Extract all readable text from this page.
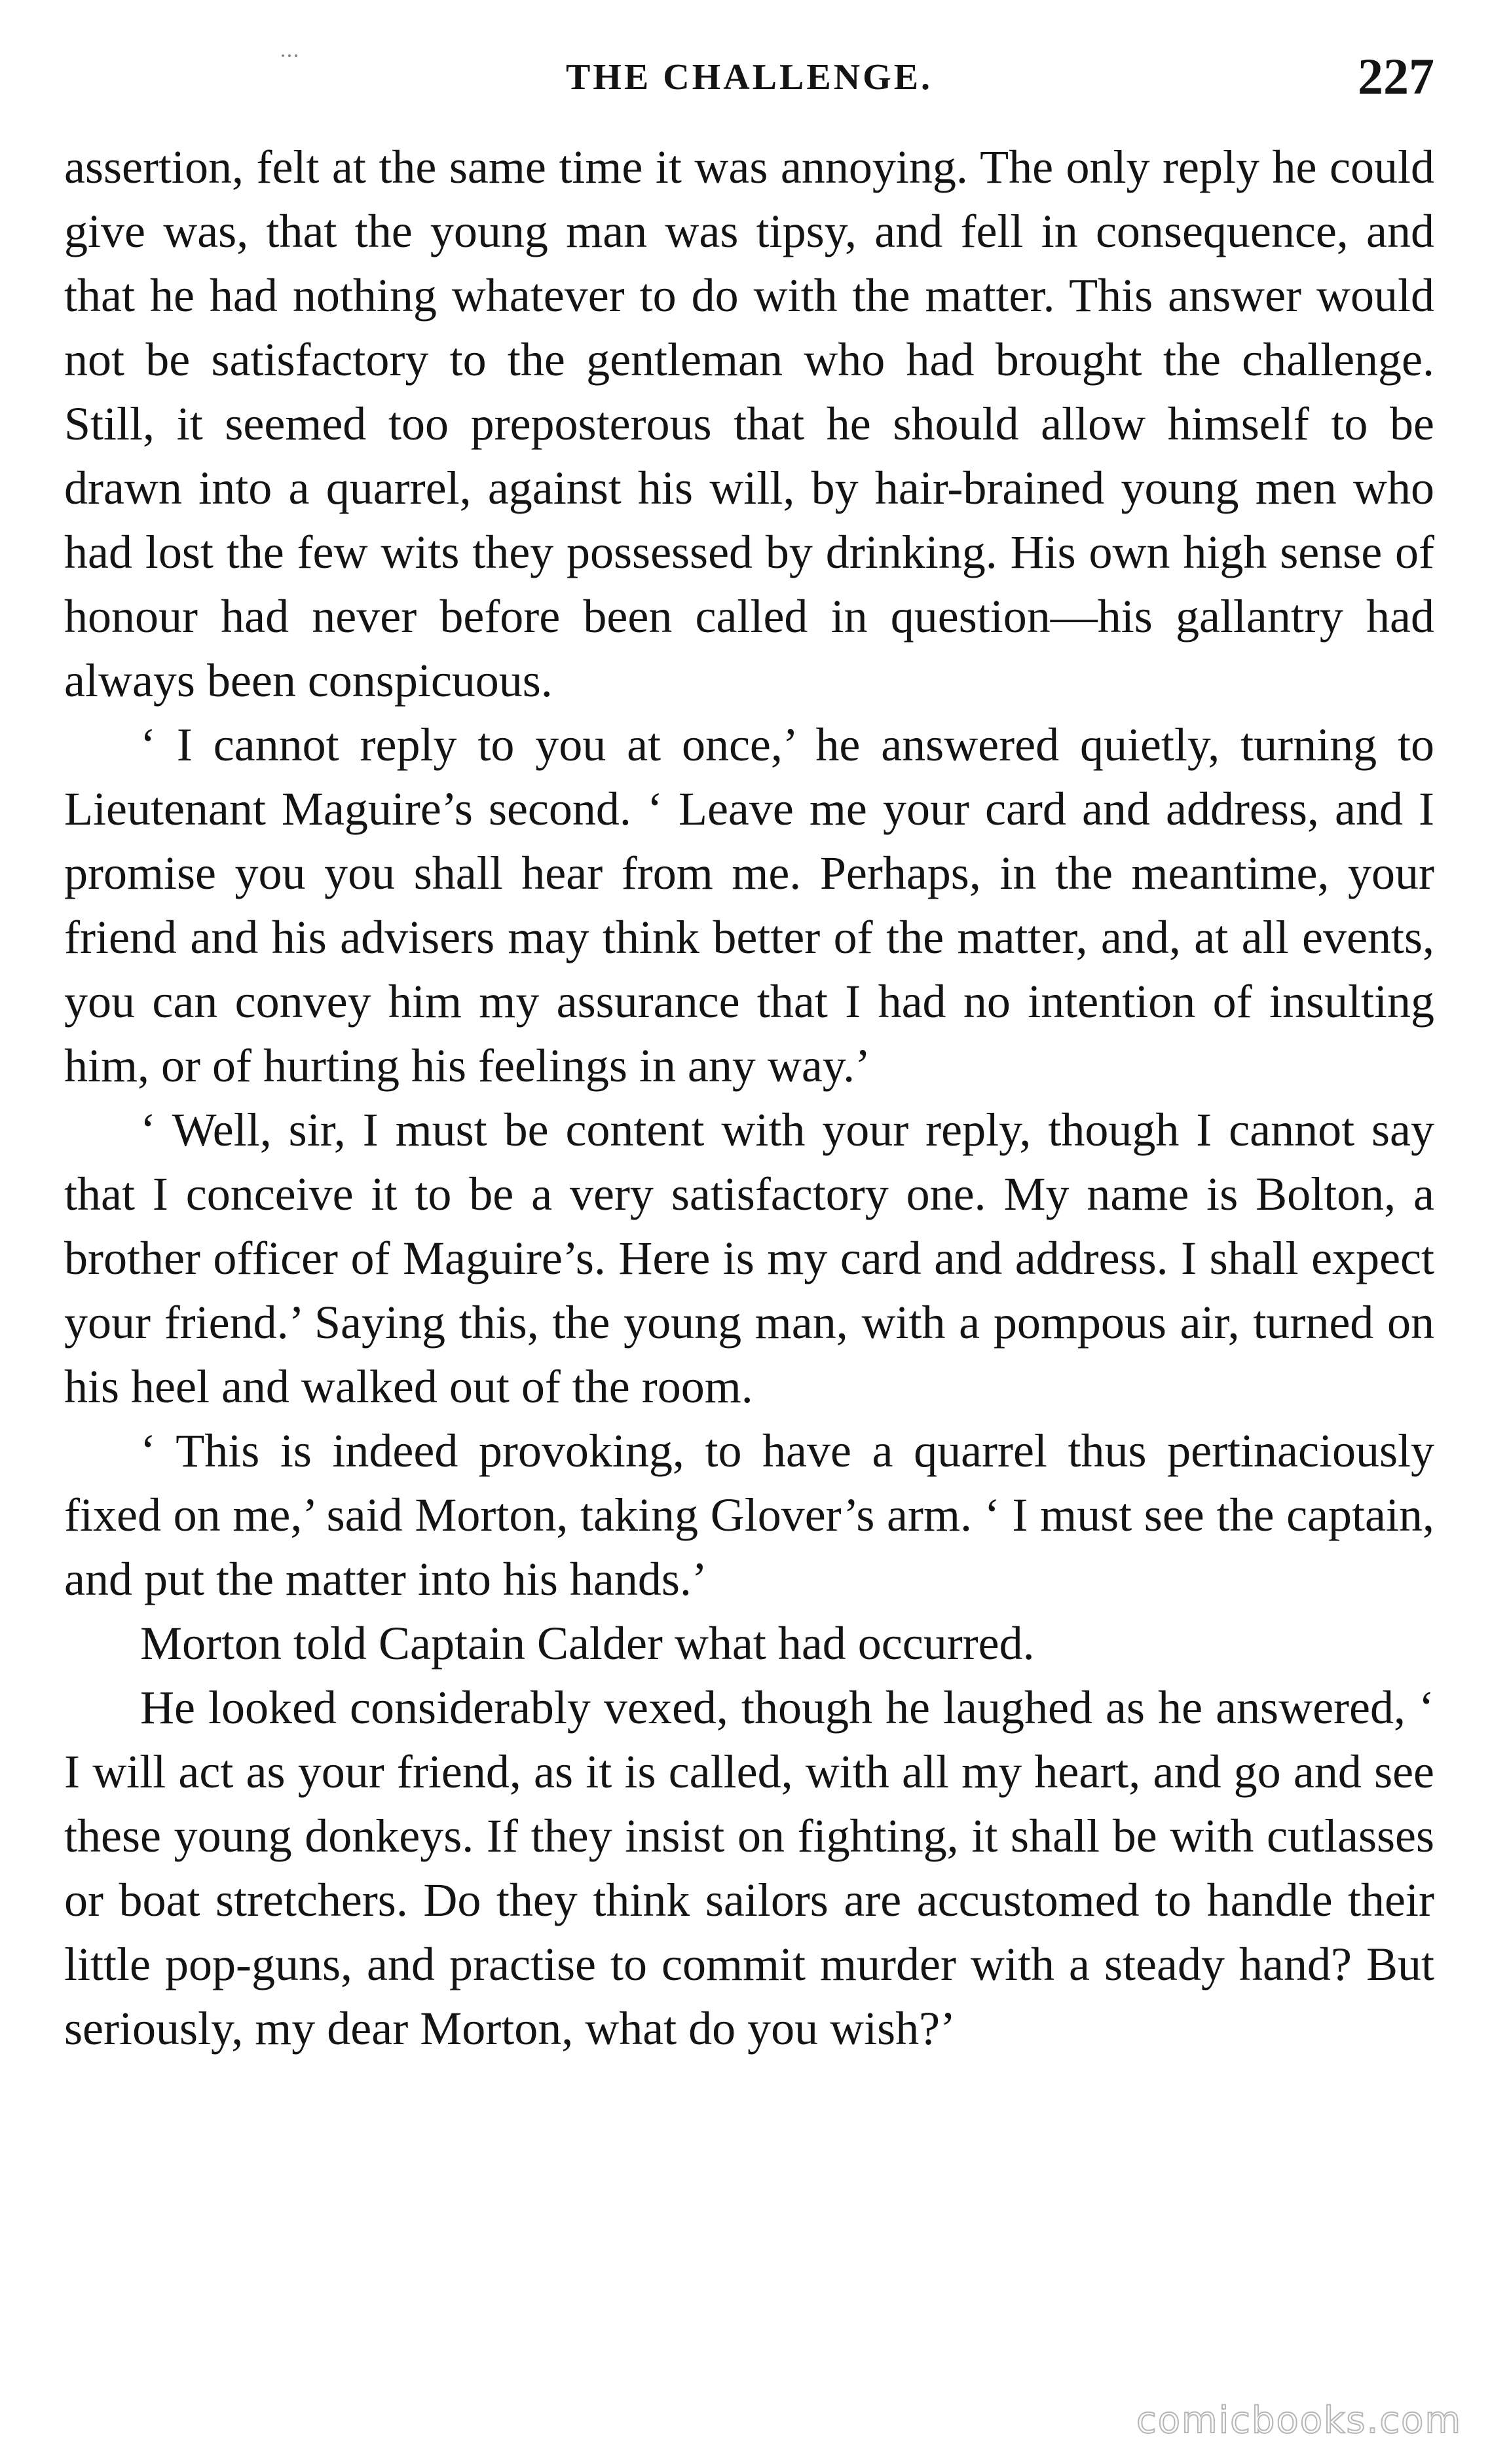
THE CHALLENGE.	227

assertion, felt at the same time it was annoying. The only reply he could give was, that the young man was tipsy, and fell in consequence, and that he had nothing whatever to do with the matter. This answer would not be satisfactory to the gentleman who had brought the challenge. Still, it seemed too preposterous that he should allow himself to be drawn into a quarrel, against his will, by hair-brained young men who had lost the few wits they possessed by drinking. His own high sense of honour had never before been called in question—his gallantry had always been conspicuous.

‘ I cannot reply to you at once,’ he answered quietly, turning to Lieutenant Maguire’s second. ‘ Leave me your card and address, and I promise you you shall hear from me. Perhaps, in the meantime, your friend and his advisers may think better of the matter, and, at all events, you can convey him my assurance that I had no intention of insulting him, or of hurting his feelings in any way.’

‘ Well, sir, I must be content with your reply, though I cannot say that I conceive it to be a very satisfactory one. My name is Bolton, a brother officer of Maguire’s. Here is my card and address. I shall expect your friend.’ Saying this, the young man, with a pompous air, turned on his heel and walked out of the room.

‘ This is indeed provoking, to have a quarrel thus pertinaciously fixed on me,’ said Morton, taking Glover’s arm. ‘ I must see the captain, and put the matter into his hands.’

Morton told Captain Calder what had occurred.

He looked considerably vexed, though he laughed as he answered, ‘ I will act as your friend, as it is called, with all my heart, and go and see these young donkeys. If they insist on fighting, it shall be with cutlasses or boat stretchers. Do they think sailors are accustomed to handle their little pop-guns, and practise to commit murder with a steady hand? But seriously, my dear Morton, what do you wish?’

comicbooks.com
